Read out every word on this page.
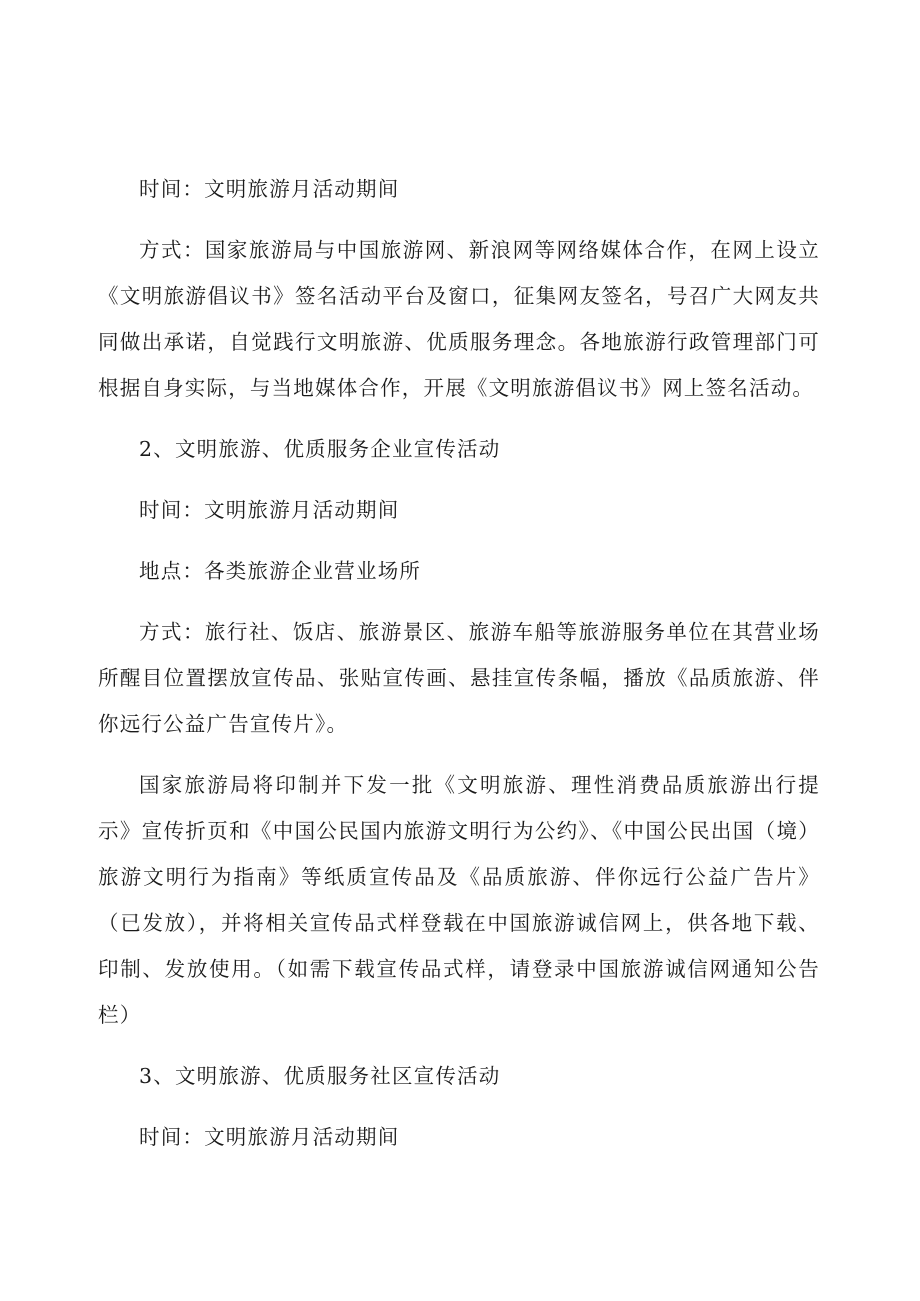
时间：文明旅游月活动期间

方式：国家旅游局与中国旅游网、新浪网等网络媒体合作，在网上设立《文明旅游倡议书》签名活动平台及窗口，征集网友签名，号召广大网友共同做出承诺，自觉践行文明旅游、优质服务理念。各地旅游行政管理部门可根据自身实际，与当地媒体合作，开展《文明旅游倡议书》网上签名活动。

2、文明旅游、优质服务企业宣传活动

时间：文明旅游月活动期间

地点：各类旅游企业营业场所

方式：旅行社、饭店、旅游景区、旅游车船等旅游服务单位在其营业场所醒目位置摆放宣传品、张贴宣传画、悬挂宣传条幅，播放《品质旅游、伴你远行公益广告宣传片》。

国家旅游局将印制并下发一批《文明旅游、理性消费品质旅游出行提示》宣传折页和《中国公民国内旅游文明行为公约》、《中国公民出国（境）旅游文明行为指南》等纸质宣传品及《品质旅游、伴你远行公益广告片》（已发放），并将相关宣传品式样登载在中国旅游诚信网上，供各地下载、印制、发放使用。（如需下载宣传品式样，请登录中国旅游诚信网通知公告栏）

3、文明旅游、优质服务社区宣传活动

时间：文明旅游月活动期间
